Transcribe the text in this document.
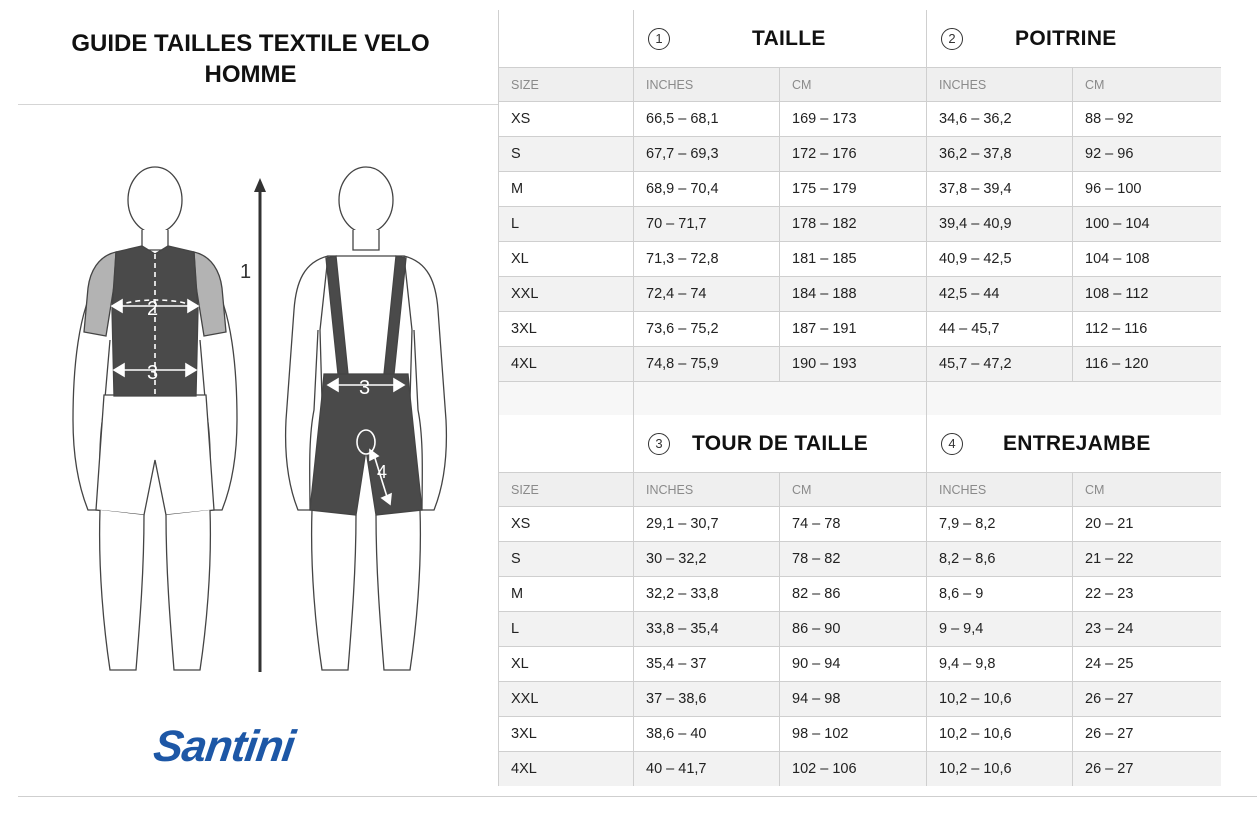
GUIDE TAILLES TEXTILE VELO
HOMME
2
3
1
3
4
Santini

	1 TAILLE		2 POITRINE	

SIZE	INCHES	CM	INCHES	CM
XS	66,5 – 68,1	169 – 173	34,6 – 36,2	88 – 92
S	67,7 – 69,3	172 – 176	36,2 – 37,8	92 – 96
M	68,9 – 70,4	175 – 179	37,8 – 39,4	96 – 100
L	70 – 71,7	178 – 182	39,4 – 40,9	100 – 104
XL	71,3 – 72,8	181 – 185	40,9 – 42,5	104 – 108
XXL	72,4 – 74	184 – 188	42,5 – 44	108 – 112
3XL	73,6 – 75,2	187 – 191	44 – 45,7	112 – 116
4XL	74,8 – 75,9	190 – 193	45,7 – 47,2	116 – 120

	3 TOUR DE TAILLE		4 ENTREJAMBE	

SIZE	INCHES	CM	INCHES	CM
XS	29,1 – 30,7	74 – 78	7,9 – 8,2	20 – 21
S	30 – 32,2	78 – 82	8,2 – 8,6	21 – 22
M	32,2 – 33,8	82 – 86	8,6 – 9	22 – 23
L	33,8 – 35,4	86 – 90	9 – 9,4	23 – 24
XL	35,4 – 37	90 – 94	9,4 – 9,8	24 – 25
XXL	37 – 38,6	94 – 98	10,2 – 10,6	26 – 27
3XL	38,6 – 40	98 – 102	10,2 – 10,6	26 – 27
4XL	40 – 41,7	102 – 106	10,2 – 10,6	26 – 27
